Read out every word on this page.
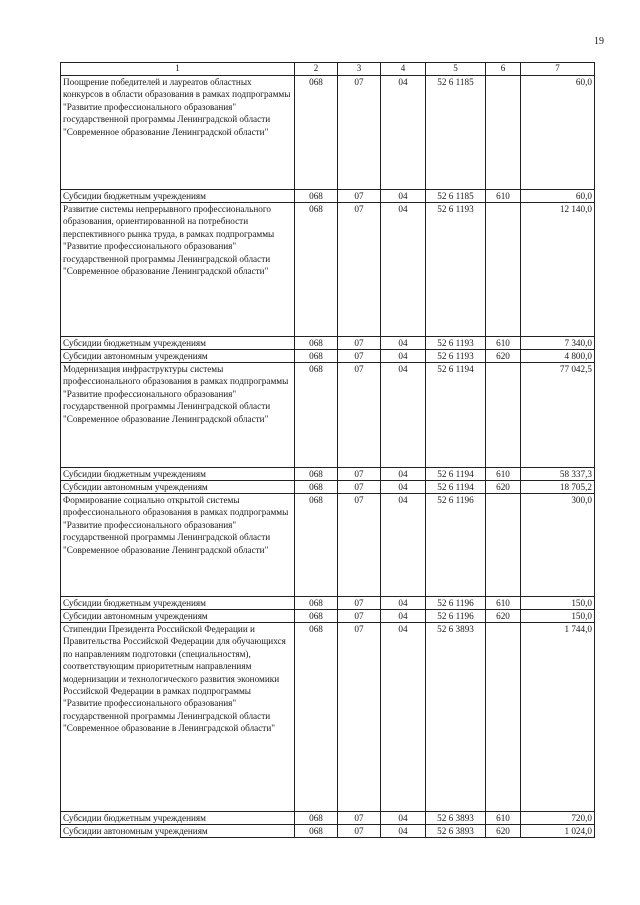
19
1	2	3	4	5	6	7
Поощрение победителей и лауреатов областных конкурсов в области образования в рамках подпрограммы "Развитие профессионального образования" государственной программы Ленинградской области "Современное образование Ленинградской области"	068	07	04	52 6 1185		60,0
Субсидии бюджетным учреждениям	068	07	04	52 6 1185	610	60,0
Развитие системы непрерывного профессионального образования, ориентированной на потребности перспективного рынка труда, в рамках подпрограммы "Развитие профессионального образования" государственной программы Ленинградской области "Современное образование Ленинградской области"	068	07	04	52 6 1193		12 140,0
Субсидии бюджетным учреждениям	068	07	04	52 6 1193	610	7 340,0
Субсидии автономным учреждениям	068	07	04	52 6 1193	620	4 800,0
Модернизация инфраструктуры системы профессионального образования в рамках подпрограммы "Развитие профессионального образования" государственной программы Ленинградской области "Современное образование Ленинградской области"	068	07	04	52 6 1194		77 042,5
Субсидии бюджетным учреждениям	068	07	04	52 6 1194	610	58 337,3
Субсидии автономным учреждениям	068	07	04	52 6 1194	620	18 705,2
Формирование социально открытой системы профессионального образования в рамках подпрограммы "Развитие профессионального образования" государственной программы Ленинградской области "Современное образование Ленинградской области"	068	07	04	52 6 1196		300,0
Субсидии бюджетным учреждениям	068	07	04	52 6 1196	610	150,0
Субсидии автономным учреждениям	068	07	04	52 6 1196	620	150,0
Стипендии Президента Российской Федерации и Правительства Российской Федерации для обучающихся по направлениям подготовки (специальностям), соответствующим приоритетным направлениям модернизации и технологического развития экономики Российской Федерации в рамках подпрограммы "Развитие профессионального образования" государственной программы Ленинградской области "Современное образование в Ленинградской области"	068	07	04	52 6 3893		1 744,0
Субсидии бюджетным учреждениям	068	07	04	52 6 3893	610	720,0
Субсидии автономным учреждениям	068	07	04	52 6 3893	620	1 024,0
